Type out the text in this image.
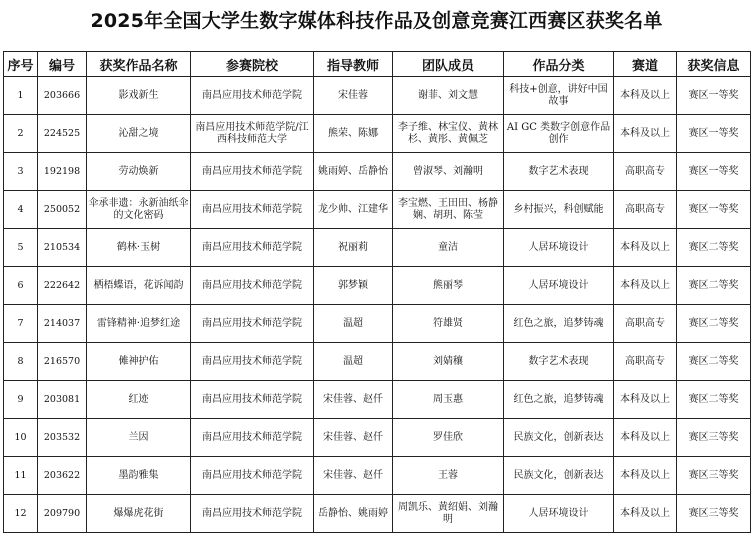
2025年全国大学生数字媒体科技作品及创意竞赛江西赛区获奖名单
序号	编号	获奖作品名称	参赛院校	指导教师	团队成员	作品分类	赛道	获奖信息
1	203666	影戏新生	南昌应用技术师范学院	宋佳蓉	谢菲、刘文慧	科技+创意，讲好中国故事	本科及以上	赛区一等奖
2	224525	沁甜之境	南昌应用技术师范学院/江西科技师范大学	熊荣、陈娜	李子维、林宝仪、黄林杉、黄彤、黄佩芝	AI GC 类数字创意作品创作	本科及以上	赛区一等奖
3	192198	劳动焕新	南昌应用技术师范学院	姚雨婷、岳静怡	曾淑琴、刘瀚明	数字艺术表现	高职高专	赛区一等奖
4	250052	伞承非遗：永新油纸伞的文化密码	南昌应用技术师范学院	龙少帅、江建华	李宝燃、王田田、杨静娴、胡玥、陈莹	乡村振兴，科创赋能	高职高专	赛区一等奖
5	210534	鹤林·玉树	南昌应用技术师范学院	祝丽莉	童洁	人居环境设计	本科及以上	赛区二等奖
6	222642	栖梧蝶语，花诉闻韵	南昌应用技术师范学院	郭梦颖	熊丽琴	人居环境设计	本科及以上	赛区二等奖
7	214037	雷锋精神·追梦红途	南昌应用技术师范学院	温超	符雄贤	红色之旅，追梦铸魂	高职高专	赛区二等奖
8	216570	傩神护佑	南昌应用技术师范学院	温超	刘婧穰	数字艺术表现	高职高专	赛区二等奖
9	203081	红迹	南昌应用技术师范学院	宋佳蓉、赵仟	周玉惠	红色之旅，追梦铸魂	本科及以上	赛区二等奖
10	203532	兰因	南昌应用技术师范学院	宋佳蓉、赵仟	罗佳欣	民族文化，创新表达	本科及以上	赛区三等奖
11	203622	墨韵雅集	南昌应用技术师范学院	宋佳蓉、赵仟	王蓉	民族文化，创新表达	本科及以上	赛区三等奖
12	209790	爆爆虎花街	南昌应用技术师范学院	岳静怡、姚雨婷	周凯乐、黄绍娟、刘瀚明	人居环境设计	本科及以上	赛区三等奖
